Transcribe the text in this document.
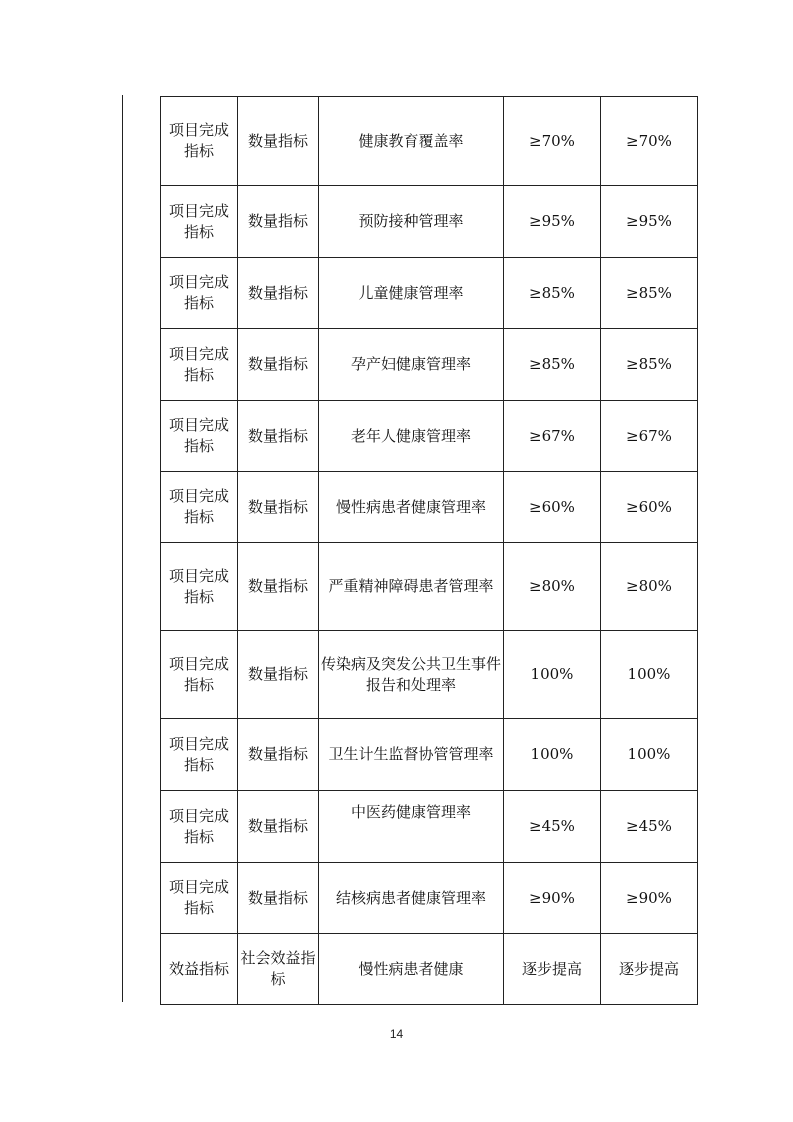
项目完成指标	数量指标	健康教育覆盖率	≥70%	≥70%
项目完成指标	数量指标	预防接种管理率	≥95%	≥95%
项目完成指标	数量指标	儿童健康管理率	≥85%	≥85%
项目完成指标	数量指标	孕产妇健康管理率	≥85%	≥85%
项目完成指标	数量指标	老年人健康管理率	≥67%	≥67%
项目完成指标	数量指标	慢性病患者健康管理率	≥60%	≥60%
项目完成指标	数量指标	严重精神障碍患者管理率	≥80%	≥80%
项目完成指标	数量指标	传染病及突发公共卫生事件报告和处理率	100%	100%
项目完成指标	数量指标	卫生计生监督协管管理率	100%	100%
项目完成指标	数量指标	中医药健康管理率	≥45%	≥45%
项目完成指标	数量指标	结核病患者健康管理率	≥90%	≥90%
效益指标	社会效益指标	慢性病患者健康	逐步提高	逐步提高
14
